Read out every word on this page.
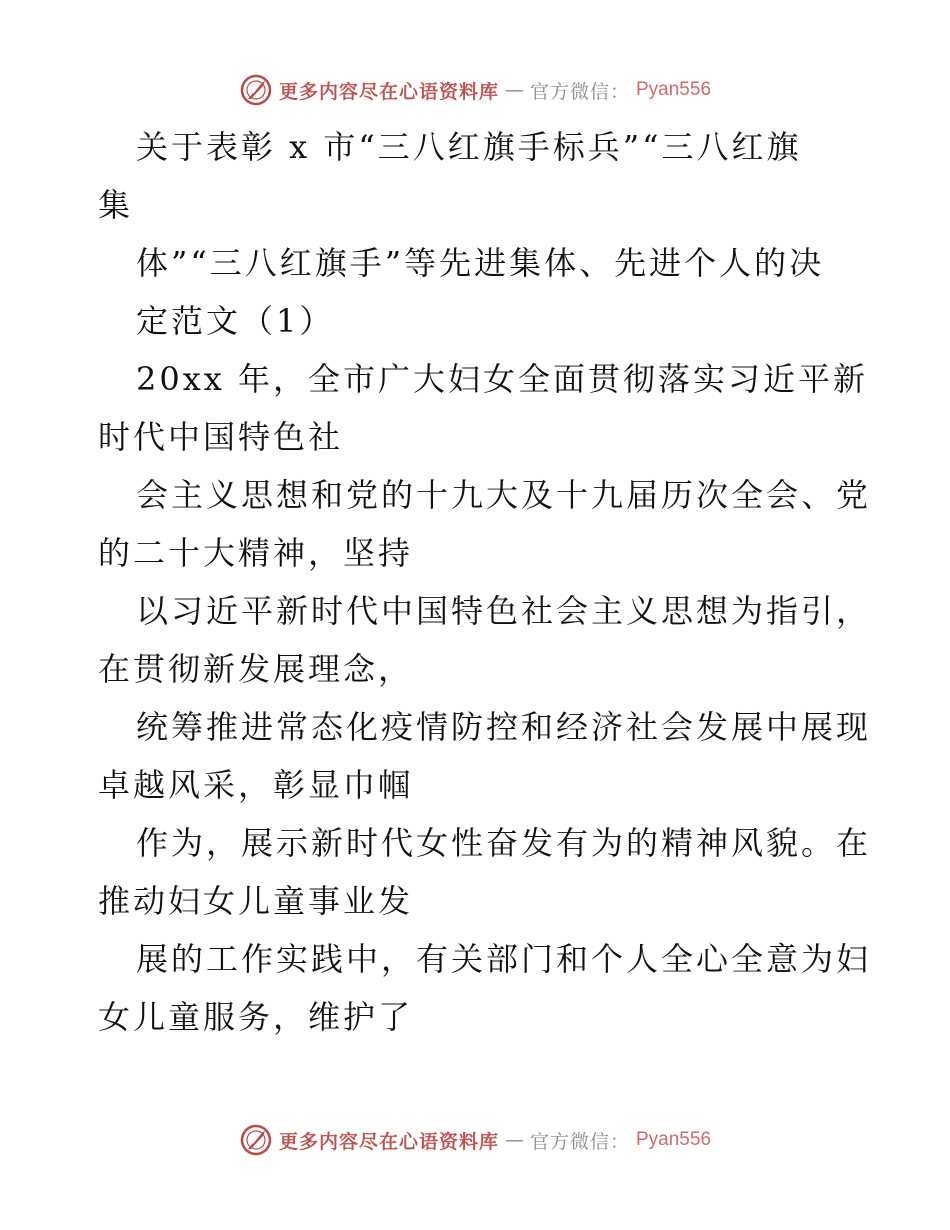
更多内容尽在心语资料库 — 官方微信： Pyan556

关于表彰 x 市“三八红旗手标兵”“三八红旗
集

体”“三八红旗手”等先进集体、先进个人的决

定范文（1）

20xx 年，全市广大妇女全面贯彻落实习近平新
时代中国特色社

会主义思想和党的十九大及十九届历次全会、党
的二十大精神，坚持

以习近平新时代中国特色社会主义思想为指引，
在贯彻新发展理念，

统筹推进常态化疫情防控和经济社会发展中展现
卓越风采，彰显巾帼

作为，展示新时代女性奋发有为的精神风貌。在
推动妇女儿童事业发

展的工作实践中，有关部门和个人全心全意为妇
女儿童服务，维护了

更多内容尽在心语资料库 — 官方微信： Pyan556
